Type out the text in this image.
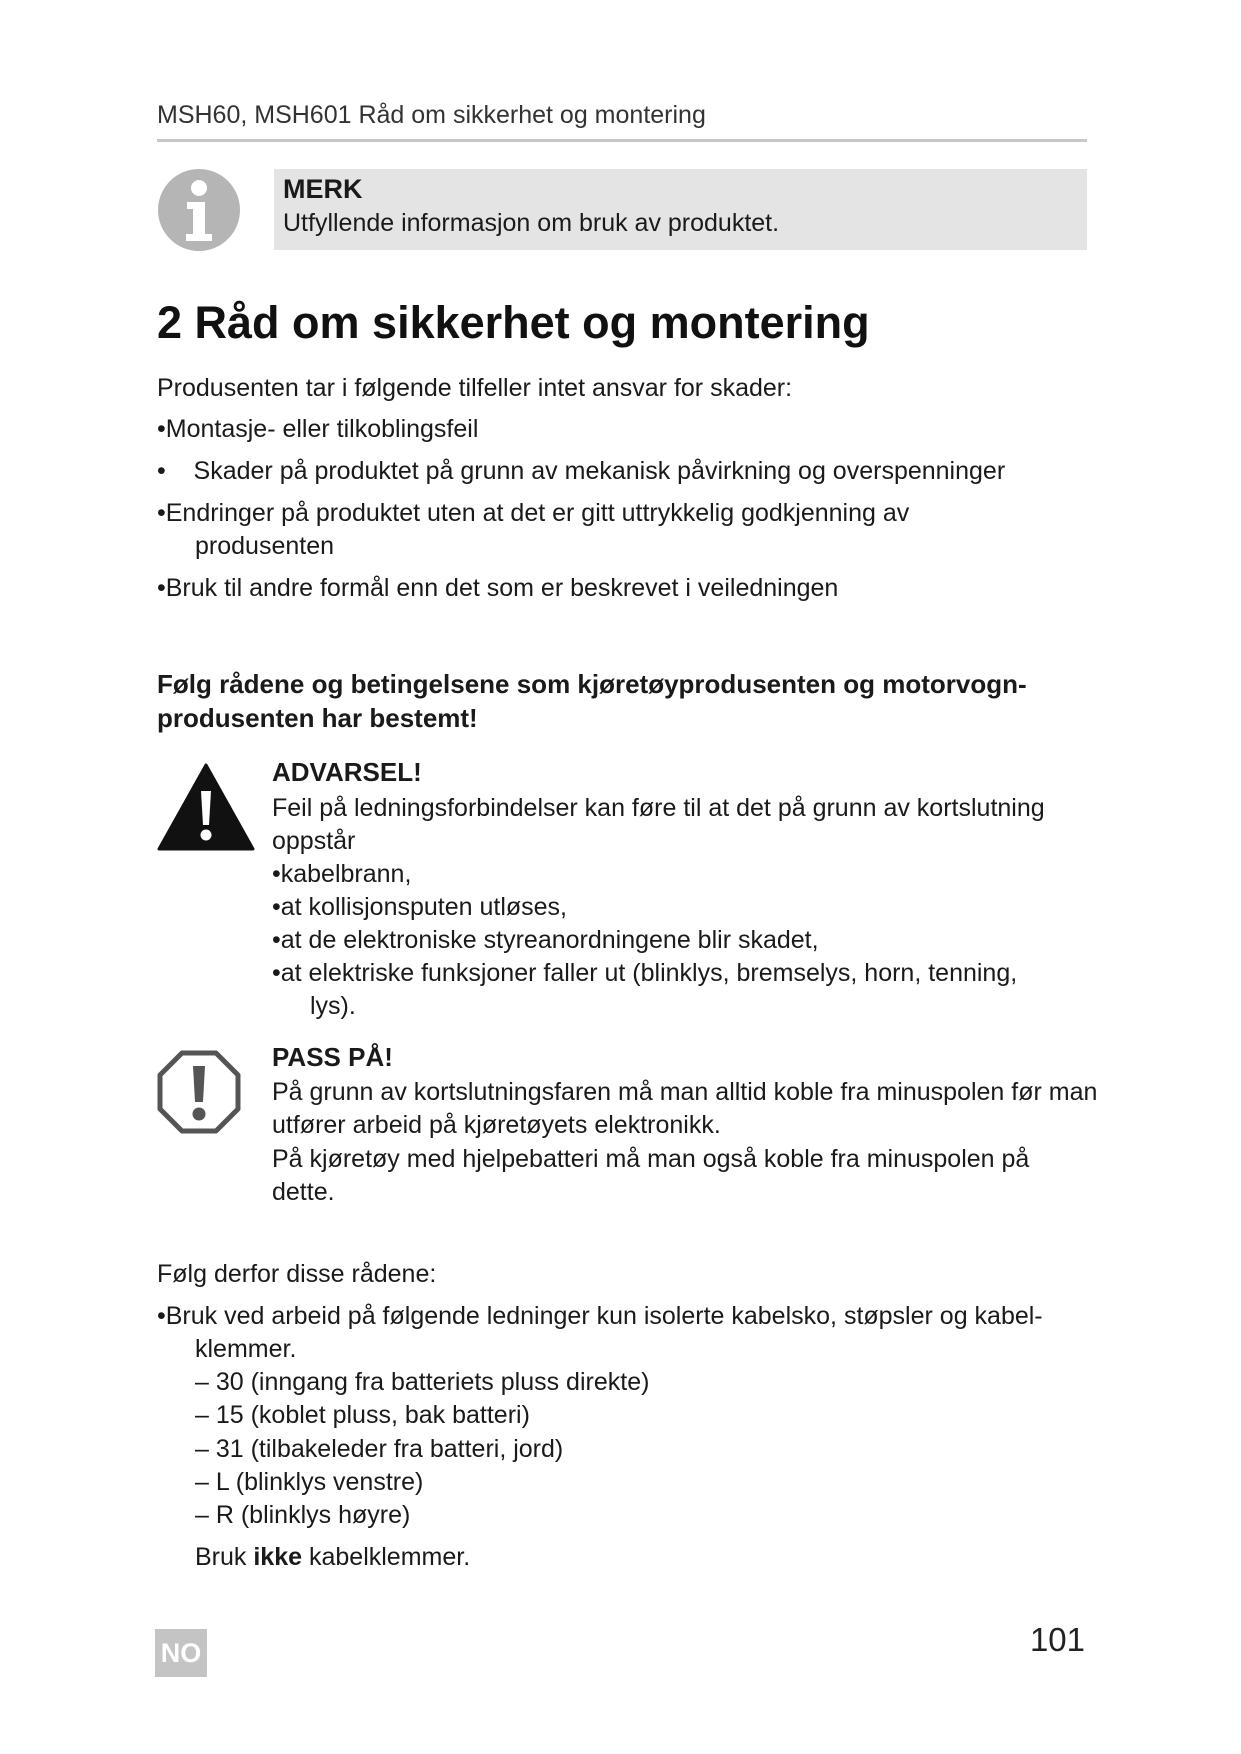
MSH60, MSH601 Råd om sikkerhet og montering
MERK
Utfyllende informasjon om bruk av produktet.
2 Råd om sikkerhet og montering
Produsenten tar i følgende tilfeller intet ansvar for skader:
•Montasje- eller tilkoblingsfeil
•    Skader på produktet på grunn av mekanisk påvirkning og overspenninger
•Endringer på produktet uten at det er gitt uttrykkelig godkjenning av
produsenten
•Bruk til andre formål enn det som er beskrevet i veiledningen
Følg rådene og betingelsene som kjøretøyprodusenten og motorvogn-
produsenten har bestemt!
ADVARSEL!
Feil på ledningsforbindelser kan føre til at det på grunn av kortslutning
oppstår
•kabelbrann,
•at kollisjonsputen utløses,
•at de elektroniske styreanordningene blir skadet,
•at elektriske funksjoner faller ut (blinklys, bremselys, horn, tenning,
lys).
PASS PÅ!
På grunn av kortslutningsfaren må man alltid koble fra minuspolen før man
utfører arbeid på kjøretøyets elektronikk.
På kjøretøy med hjelpebatteri må man også koble fra minuspolen på
dette.
Følg derfor disse rådene:
•Bruk ved arbeid på følgende ledninger kun isolerte kabelsko, støpsler og kabel-
klemmer.
– 30 (inngang fra batteriets pluss direkte)
– 15 (koblet pluss, bak batteri)
– 31 (tilbakeleder fra batteri, jord)
– L (blinklys venstre)
– R (blinklys høyre)
Bruk ikke kabelklemmer.
NO	101
